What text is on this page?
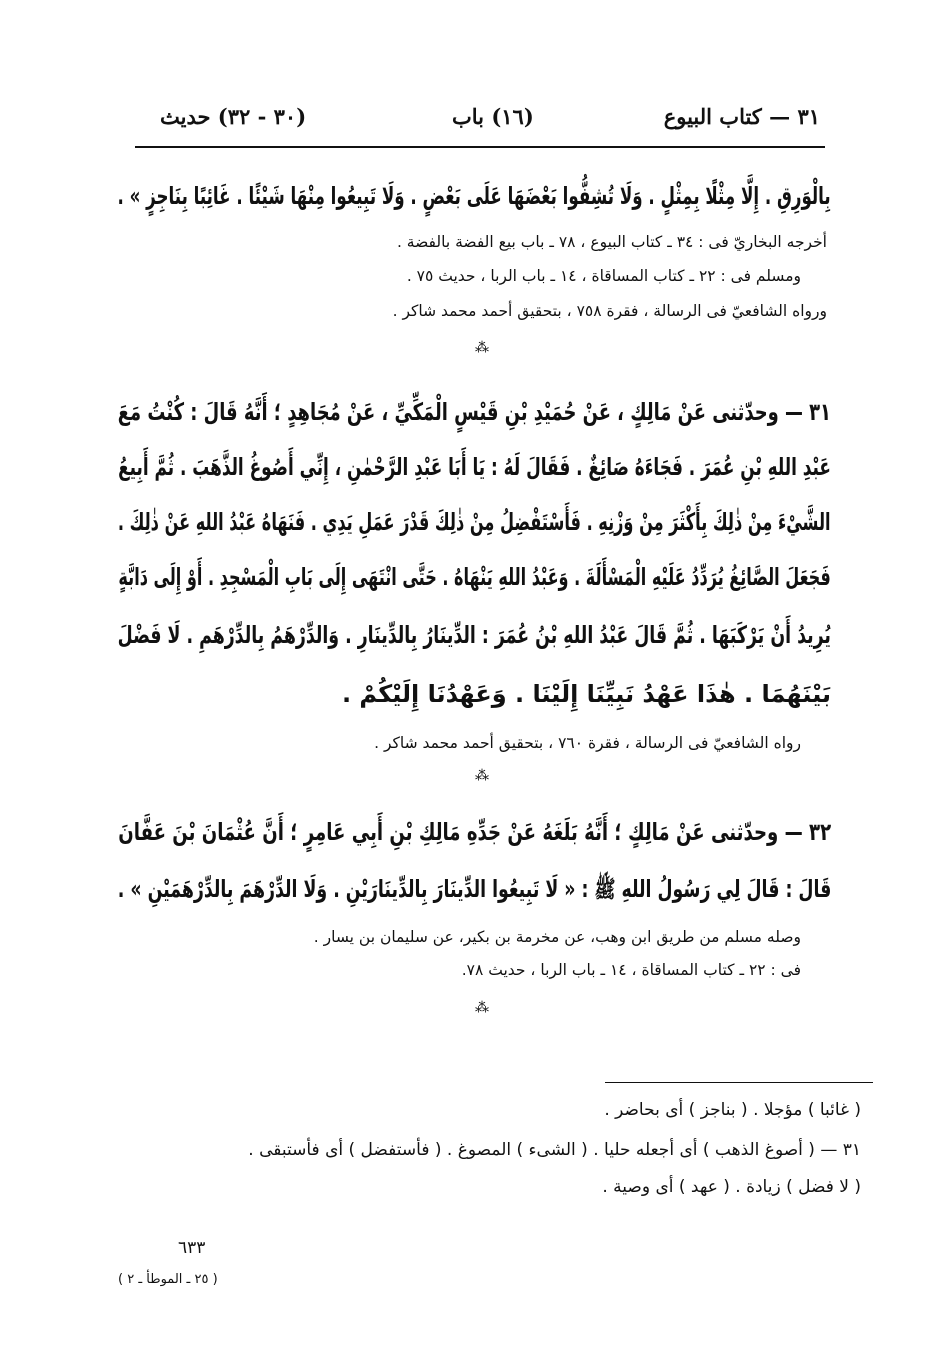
٣١ — كتاب البيوع
(١٦) باب
(٣٠ - ٣٢) حديث
بِالْوَرِقِ . إِلَّا مِثْلًا بِمِثْلٍ . وَلَا تُشِفُّوا بَعْضَهَا عَلَى بَعْضٍ . وَلَا تَبِيعُوا مِنْهَا شَيْئًا . غَائِبًا بِنَاجِزٍ » .
أخرجه البخاريّ فى : ٣٤ ـ كتاب البيوع ، ٧٨ ـ باب بيع الفضة بالفضة .
ومسلم فى : ٢٢ ـ كتاب المساقاة ، ١٤ ـ باب الربا ، حديث ٧٥ .
ورواه الشافعيّ فى الرسالة ، فقرة ٧٥٨ ، بتحقيق أحمد محمد شاكر .
⁂
٣١ — وحدّثنى عَنْ مَالِكٍ ، عَنْ حُمَيْدِ بْنِ قَيْسٍ الْمَكِّيِّ ، عَنْ مُجَاهِدٍ ؛ أَنَّهُ قَالَ : كُنْتُ مَعَ
عَبْدِ اللهِ بْنِ عُمَرَ . فَجَاءَهُ صَائِغٌ . فَقَالَ لَهُ : يَا أَبَا عَبْدِ الرَّحْمٰنِ ، إِنِّي أَصُوغُ الذَّهَبَ . ثُمَّ أَبِيعُ
الشَّيْءَ مِنْ ذٰلِكَ بِأَكْثَرَ مِنْ وَزْنِهِ . فَأَسْتَفْضِلُ مِنْ ذٰلِكَ قَدْرَ عَمَلِ يَدِي . فَنَهَاهُ عَبْدُ اللهِ عَنْ ذٰلِكَ .
فَجَعَلَ الصَّائِغُ يُرَدِّدُ عَلَيْهِ الْمَسْأَلَةَ . وَعَبْدُ اللهِ يَنْهَاهُ . حَتَّى انْتَهَى إِلَى بَابِ الْمَسْجِدِ . أَوْ إِلَى دَابَّةٍ
يُرِيدُ أَنْ يَرْكَبَهَا . ثُمَّ قَالَ عَبْدُ اللهِ بْنُ عُمَرَ : الدِّينَارُ بِالدِّينَارِ . وَالدِّرْهَمُ بِالدِّرْهَمِ . لَا فَضْلَ
بَيْنَهُمَا . هٰذَا عَهْدُ نَبِيِّنَا إِلَيْنَا . وَعَهْدُنَا إِلَيْكُمْ .
رواه الشافعيّ فى الرسالة ، فقرة ٧٦٠ ، بتحقيق أحمد محمد شاكر .
⁂
٣٢ — وحدّثنى عَنْ مَالِكٍ ؛ أَنَّهُ بَلَغَهُ عَنْ جَدِّهِ مَالِكِ بْنِ أَبِي عَامِرٍ ؛ أَنَّ عُثْمَانَ بْنَ عَفَّانَ
قَالَ : قَالَ لِي رَسُولُ اللهِ ﷺ : « لَا تَبِيعُوا الدِّينَارَ بِالدِّينَارَيْنِ . وَلَا الدِّرْهَمَ بِالدِّرْهَمَيْنِ » .
وصله مسلم من طريق ابن وهب، عن مخرمة بن بكير، عن سليمان بن يسار .
فى : ٢٢ ـ كتاب المساقاة ، ١٤ ـ باب الربا ، حديث ٧٨.
⁂
( غائبا ) مؤجلا . ( بناجز ) أى بحاضر .
٣١ — ( أصوغ الذهب ) أى أجعله حليا . ( الشىء ) المصوغ . ( فأستفضل ) أى فأستبقى .
( لا فضل ) زيادة . ( عهد ) أى وصية .
٦٣٣
( ٢٥ ـ الموطأ ـ ٢ )
